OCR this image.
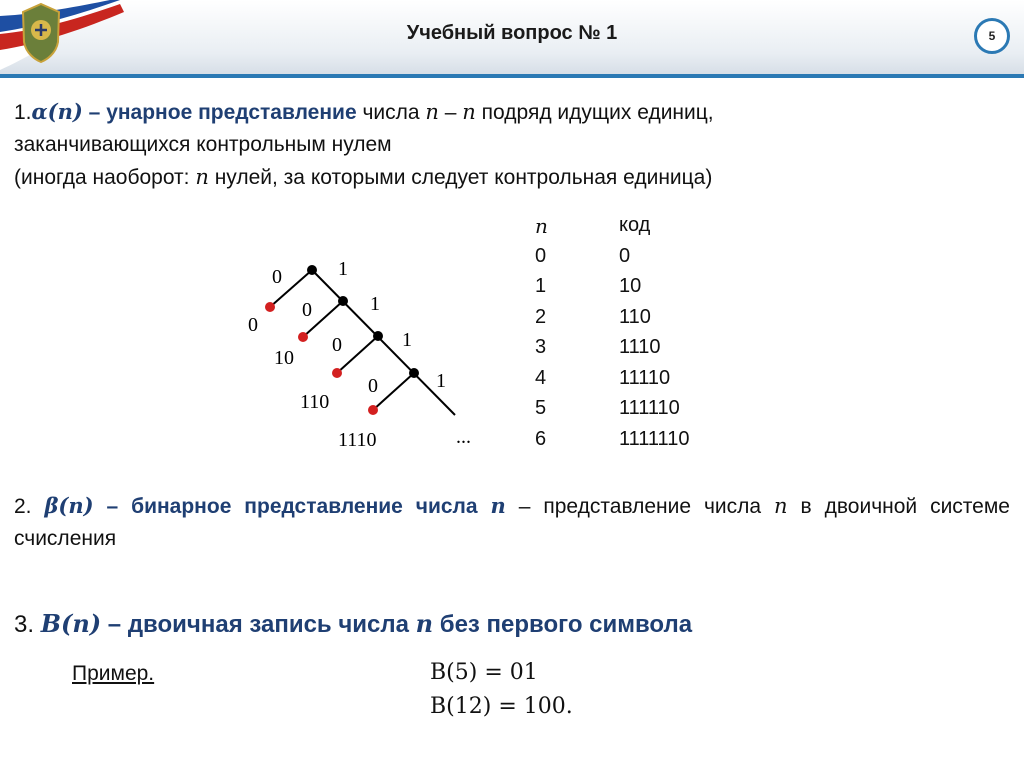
Учебный вопрос № 1	5
1.α(n) – унарное представление числа n – n подряд идущих единиц,
заканчивающихся контрольным нулем
(иногда наоборот: n нулей, за которыми следует контрольная единица)
0
0
0
0
1
1
1
1
0
10
110
1110	...
n	код
0	0
1	10
2	110
3	1110
4	11110
5	111110
6	1111110
2. β(n) – бинарное представление числа n – представление числа n в двоичной системе счисления
3. B(n) – двоичная запись числа n без первого символа
Пример.	B(5) = 01
B(12) = 100.
